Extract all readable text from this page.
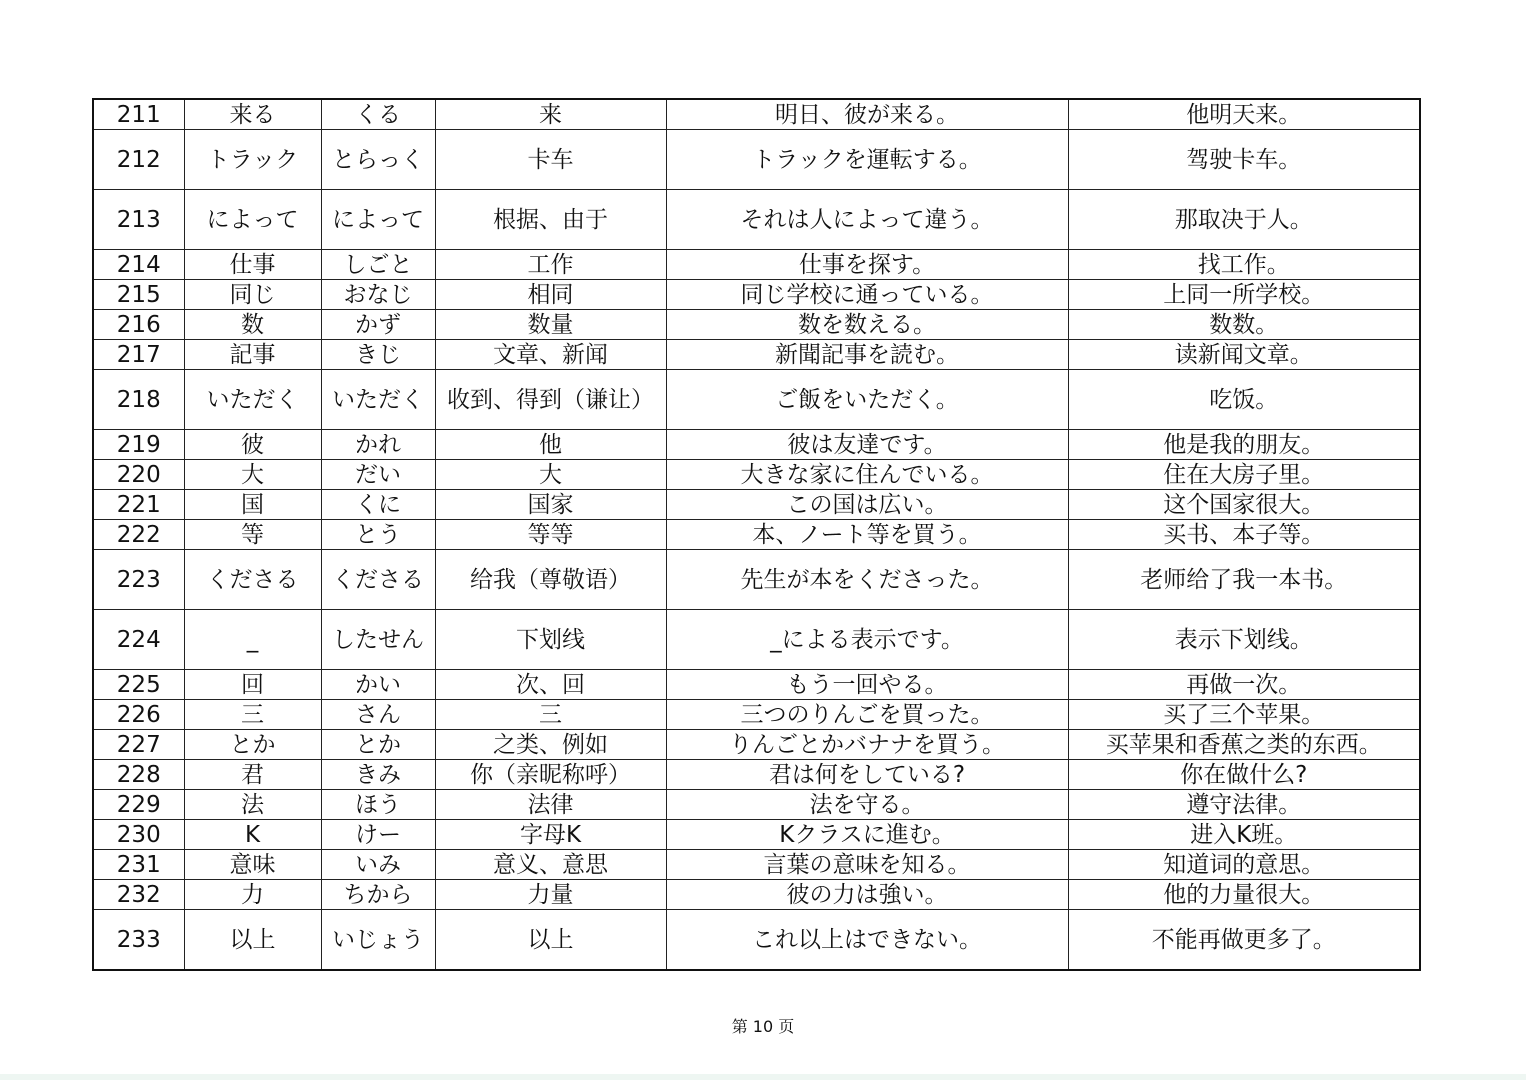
211	来る	くる	来	明日、彼が来る。	他明天来。
212	トラック	とらっく	卡车	トラックを運転する。	驾驶卡车。
213	によって	によって	根据、由于	それは人によって違う。	那取决于人。
214	仕事	しごと	工作	仕事を探す。	找工作。
215	同じ	おなじ	相同	同じ学校に通っている。	上同一所学校。
216	数	かず	数量	数を数える。	数数。
217	記事	きじ	文章、新闻	新聞記事を読む。	读新闻文章。
218	いただく	いただく	收到、得到（谦让）	ご飯をいただく。	吃饭。
219	彼	かれ	他	彼は友達です。	他是我的朋友。
220	大	だい	大	大きな家に住んでいる。	住在大房子里。
221	国	くに	国家	この国は広い。	这个国家很大。
222	等	とう	等等	本、ノート等を買う。	买书、本子等。
223	くださる	くださる	给我（尊敬语）	先生が本をくださった。	老师给了我一本书。
224	_	したせん	下划线	_による表示です。	表示下划线。
225	回	かい	次、回	もう一回やる。	再做一次。
226	三	さん	三	三つのりんごを買った。	买了三个苹果。
227	とか	とか	之类、例如	りんごとかバナナを買う。	买苹果和香蕉之类的东西。
228	君	きみ	你（亲昵称呼）	君は何をしている?	你在做什么?
229	法	ほう	法律	法を守る。	遵守法律。
230	K	けー	字母K	Kクラスに進む。	进入K班。
231	意味	いみ	意义、意思	言葉の意味を知る。	知道词的意思。
232	力	ちから	力量	彼の力は強い。	他的力量很大。
233	以上	いじょう	以上	これ以上はできない。	不能再做更多了。
第 10 页
